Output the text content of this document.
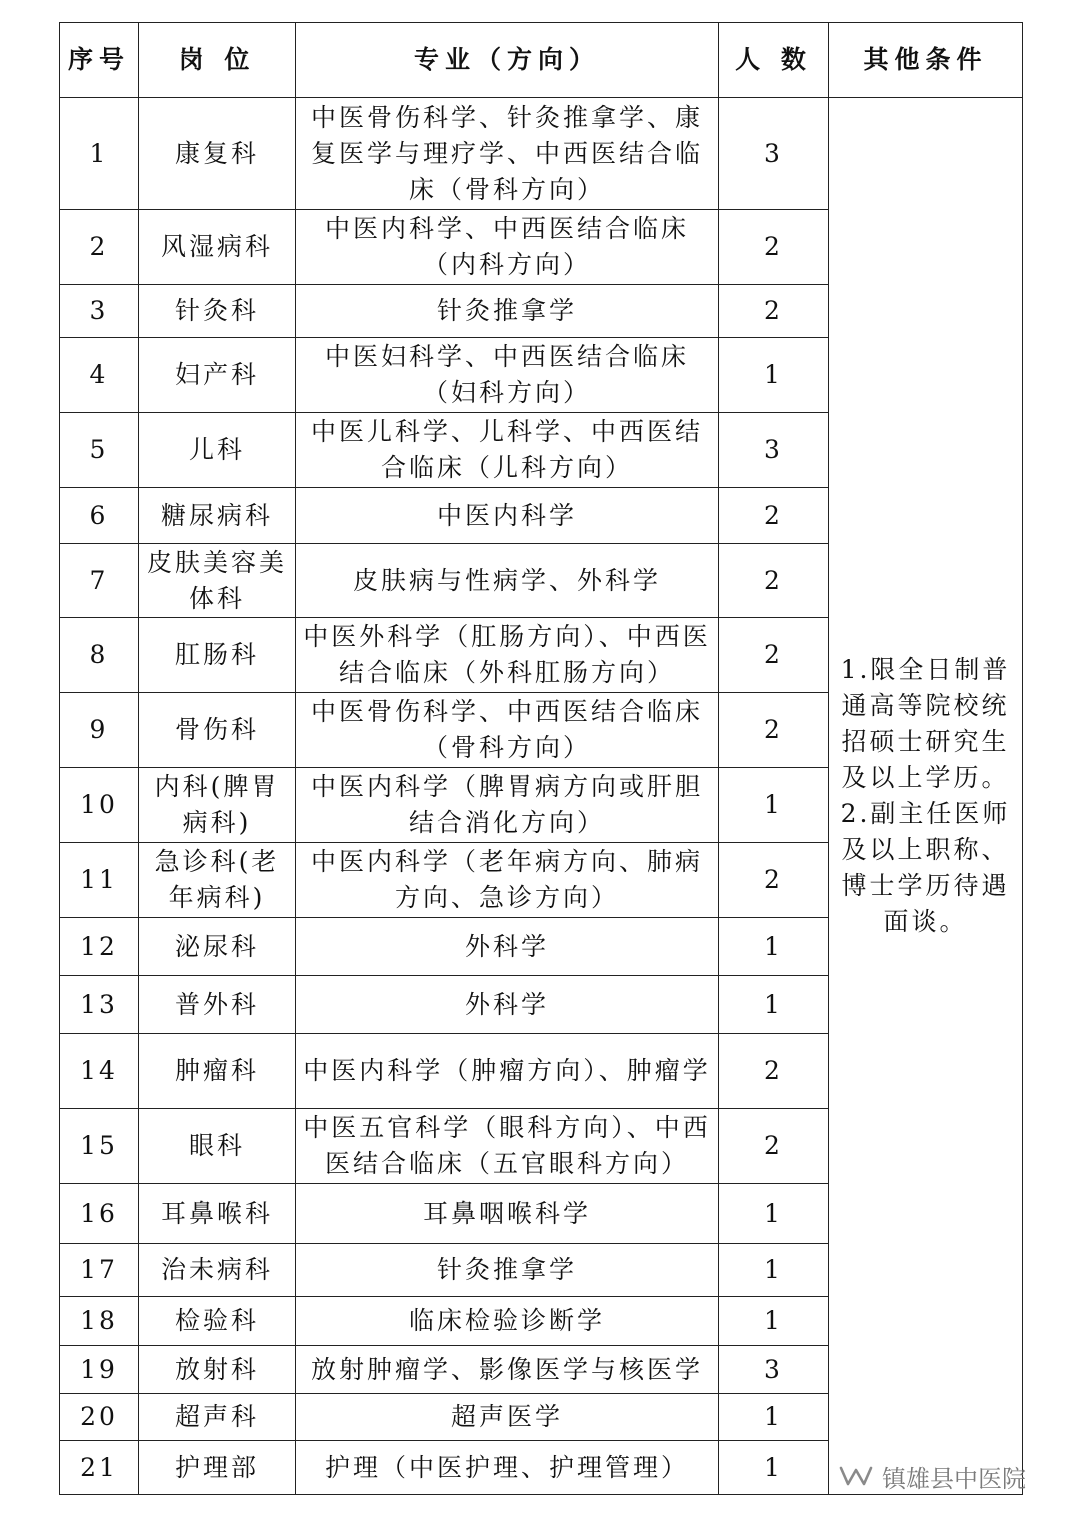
序号	岗 位	专业（方向）	人 数	其他条件
1	康复科	中医骨伤科学、针灸推拿学、康复医学与理疗学、中西医结合临床（骨科方向）	3	1.限全日制普通高等院校统招硕士研究生及以上学历。2.副主任医师及以上职称、博士学历待遇面谈。
2	风湿病科	中医内科学、中西医结合临床（内科方向）	2	
3	针灸科	针灸推拿学	2	
4	妇产科	中医妇科学、中西医结合临床（妇科方向）	1	
5	儿科	中医儿科学、儿科学、中西医结合临床（儿科方向）	3	
6	糖尿病科	中医内科学	2	
7	皮肤美容美体科	皮肤病与性病学、外科学	2	
8	肛肠科	中医外科学（肛肠方向）、中西医结合临床（外科肛肠方向）	2	
9	骨伤科	中医骨伤科学、中西医结合临床（骨科方向）	2	
10	内科(脾胃病科)	中医内科学（脾胃病方向或肝胆结合消化方向）	1	
11	急诊科(老年病科)	中医内科学（老年病方向、肺病方向、急诊方向）	2	
12	泌尿科	外科学	1	
13	普外科	外科学	1	
14	肿瘤科	中医内科学（肿瘤方向）、肿瘤学	2	
15	眼科	中医五官科学（眼科方向）、中西医结合临床（五官眼科方向）	2	
16	耳鼻喉科	耳鼻咽喉科学	1	
17	治未病科	针灸推拿学	1	
18	检验科	临床检验诊断学	1	
19	放射科	放射肿瘤学、影像医学与核医学	3	
20	超声科	超声医学	1	
21	护理部	护理（中医护理、护理管理）	1		镇雄县中医院
